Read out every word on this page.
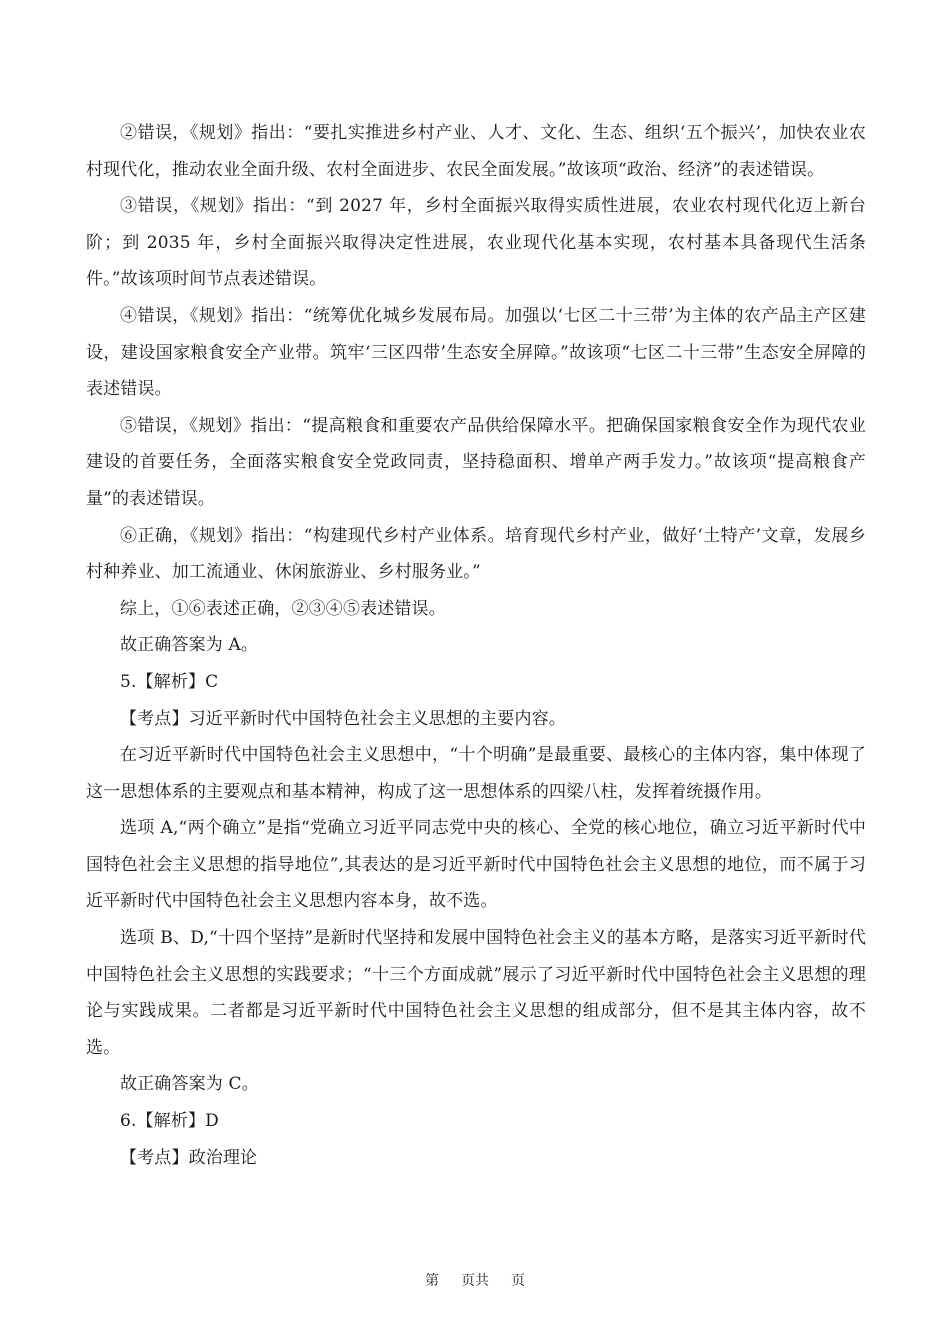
②错误，《规划》指出：“要扎实推进乡村产业、人才、文化、生态、组织‘五个振兴’，加快农业农村现代化，推动农业全面升级、农村全面进步、农民全面发展。”故该项“政治、经济”的表述错误。

③错误，《规划》指出：“到 2027 年，乡村全面振兴取得实质性进展，农业农村现代化迈上新台阶；到 2035 年，乡村全面振兴取得决定性进展，农业现代化基本实现，农村基本具备现代生活条件。”故该项时间节点表述错误。

④错误，《规划》指出：“统筹优化城乡发展布局。加强以‘七区二十三带’为主体的农产品主产区建设，建设国家粮食安全产业带。筑牢‘三区四带’生态安全屏障。”故该项“七区二十三带”生态安全屏障的表述错误。

⑤错误，《规划》指出：“提高粮食和重要农产品供给保障水平。把确保国家粮食安全作为现代农业建设的首要任务，全面落实粮食安全党政同责，坚持稳面积、增单产两手发力。”故该项“提高粮食产量”的表述错误。

⑥正确，《规划》指出：“构建现代乡村产业体系。培育现代乡村产业，做好‘土特产’文章，发展乡村种养业、加工流通业、休闲旅游业、乡村服务业。”

综上，①⑥表述正确，②③④⑤表述错误。

故正确答案为 A。

5.【解析】C

【考点】习近平新时代中国特色社会主义思想的主要内容。

在习近平新时代中国特色社会主义思想中，“十个明确”是最重要、最核心的主体内容，集中体现了这一思想体系的主要观点和基本精神，构成了这一思想体系的四梁八柱，发挥着统摄作用。

选项 A,“两个确立”是指“党确立习近平同志党中央的核心、全党的核心地位，确立习近平新时代中国特色社会主义思想的指导地位”,其表达的是习近平新时代中国特色社会主义思想的地位，而不属于习近平新时代中国特色社会主义思想内容本身，故不选。

选项 B、D,“十四个坚持”是新时代坚持和发展中国特色社会主义的基本方略，是落实习近平新时代中国特色社会主义思想的实践要求；“十三个方面成就”展示了习近平新时代中国特色社会主义思想的理论与实践成果。二者都是习近平新时代中国特色社会主义思想的组成部分，但不是其主体内容，故不选。

故正确答案为 C。

6.【解析】D

【考点】政治理论

第 页共 页
